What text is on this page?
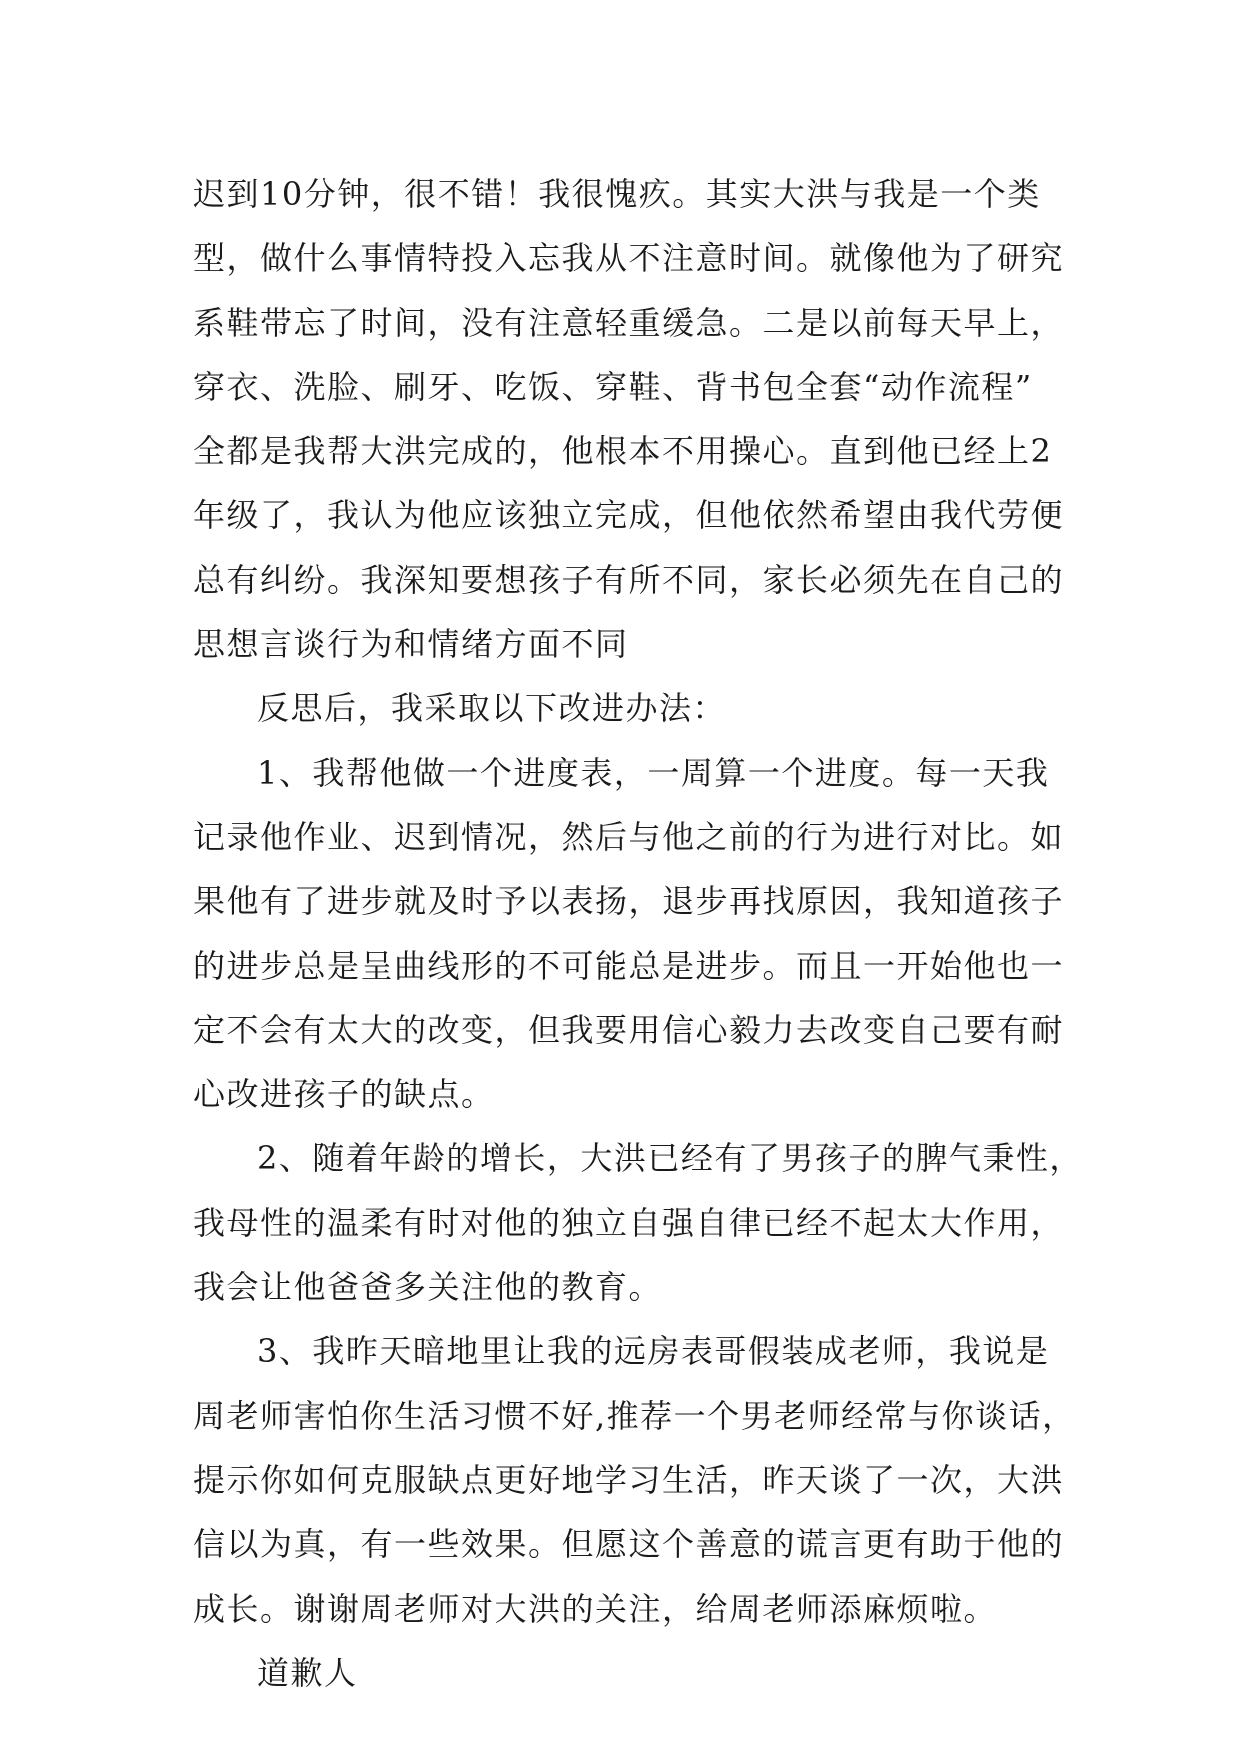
迟到10分钟，很不错！我很愧疚。其实大洪与我是一个类
型，做什么事情特投入忘我从不注意时间。就像他为了研究
系鞋带忘了时间，没有注意轻重缓急。二是以前每天早上，
穿衣、洗脸、刷牙、吃饭、穿鞋、背书包全套“动作流程”
全都是我帮大洪完成的，他根本不用操心。直到他已经上2
年级了，我认为他应该独立完成，但他依然希望由我代劳便
总有纠纷。我深知要想孩子有所不同，家长必须先在自己的
思想言谈行为和情绪方面不同
反思后，我采取以下改进办法：
1、我帮他做一个进度表，一周算一个进度。每一天我
记录他作业、迟到情况，然后与他之前的行为进行对比。如
果他有了进步就及时予以表扬，退步再找原因，我知道孩子
的进步总是呈曲线形的不可能总是进步。而且一开始他也一
定不会有太大的改变，但我要用信心毅力去改变自己要有耐
心改进孩子的缺点。
2、随着年龄的增长，大洪已经有了男孩子的脾气秉性，
我母性的温柔有时对他的独立自强自律已经不起太大作用，
我会让他爸爸多关注他的教育。
3、我昨天暗地里让我的远房表哥假装成老师，我说是
周老师害怕你生活习惯不好,推荐一个男老师经常与你谈话，
提示你如何克服缺点更好地学习生活，昨天谈了一次，大洪
信以为真，有一些效果。但愿这个善意的谎言更有助于他的
成长。谢谢周老师对大洪的关注，给周老师添麻烦啦。
道歉人
